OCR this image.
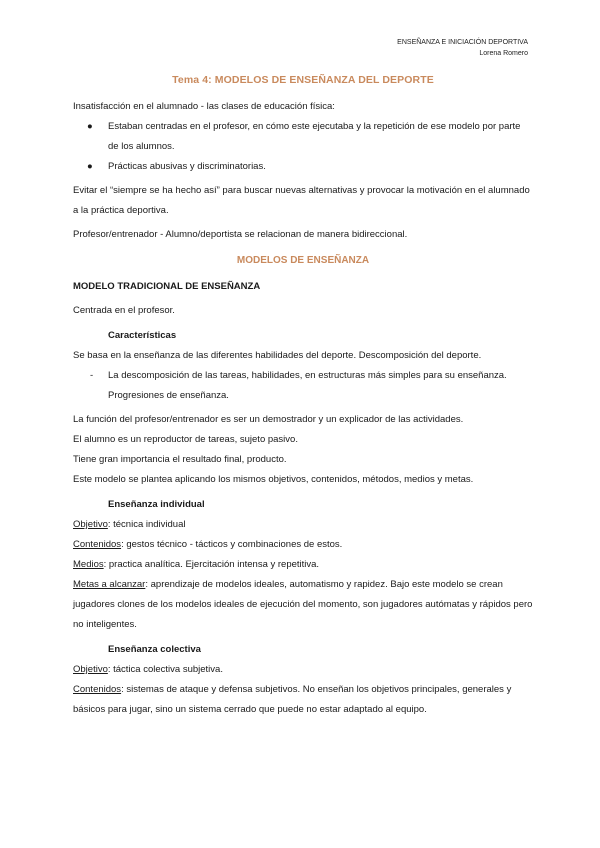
ENSEÑANZA E INICIACIÓN DEPORTIVA
Lorena Romero
Tema 4: MODELOS DE ENSEÑANZA DEL DEPORTE

Insatisfacción en el alumnado - las clases de educación física:

● Estaban centradas en el profesor, en cómo este ejecutaba y la repetición de ese modelo por parte de los alumnos.
● Prácticas abusivas y discriminatorias.

Evitar el “siempre se ha hecho así” para buscar nuevas alternativas y provocar la motivación en el alumnado a la práctica deportiva.

Profesor/entrenador - Alumno/deportista se relacionan de manera bidireccional.

MODELOS DE ENSEÑANZA
MODELO TRADICIONAL DE ENSEÑANZA

Centrada en el profesor.

Características

Se basa en la enseñanza de las diferentes habilidades del deporte. Descomposición del deporte.

- La descomposición de las tareas, habilidades, en estructuras más simples para su enseñanza. Progresiones de enseñanza.

La función del profesor/entrenador es ser un demostrador y un explicador de las actividades.

El alumno es un reproductor de tareas, sujeto pasivo.

Tiene gran importancia el resultado final, producto.

Este modelo se plantea aplicando los mismos objetivos, contenidos, métodos, medios y metas.

Enseñanza individual

Objetivo: técnica individual

Contenidos: gestos técnico - tácticos y combinaciones de estos.

Medios: practica analítica. Ejercitación intensa y repetitiva.

Metas a alcanzar: aprendizaje de modelos ideales, automatismo y rapidez. Bajo este modelo se crean jugadores clones de los modelos ideales de ejecución del momento, son jugadores autómatas y rápidos pero no inteligentes.

Enseñanza colectiva

Objetivo: táctica colectiva subjetiva.

Contenidos: sistemas de ataque y defensa subjetivos. No enseñan los objetivos principales, generales y básicos para jugar, sino un sistema cerrado que puede no estar adaptado al equipo.
